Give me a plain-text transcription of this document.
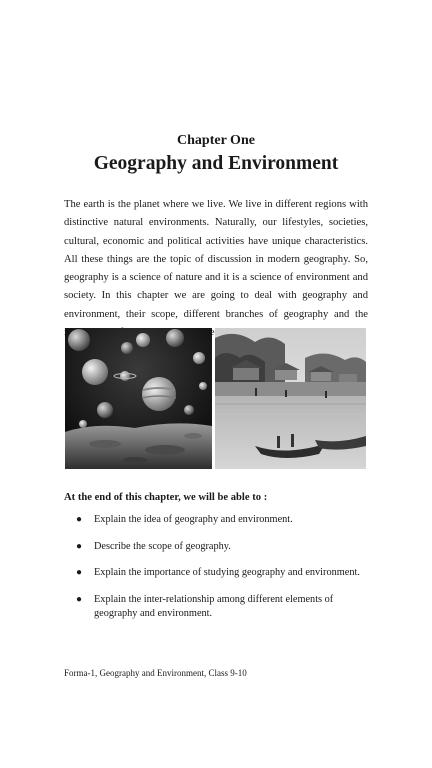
Chapter One
Geography and Environment

The earth is the planet where we live. We live in different regions with distinctive natural environments. Naturally, our lifestyles, societies, cultural, economic and political activities have unique characteristics. All these things are the topic of discussion in modern geography. So, geography is a science of nature and it is a science of environment and society. In this chapter we are going to deal with geography and environment, their scope, different branches of geography and the

At the end of this chapter, we will be able to :
● Explain the idea of geography and environment.
● Describe the scope of geography.
● Explain the importance of studying geography and environment.
● Explain the inter-relationship among different elements of geography and environment.
Forma-1, Geography and Environment, Class 9-10
